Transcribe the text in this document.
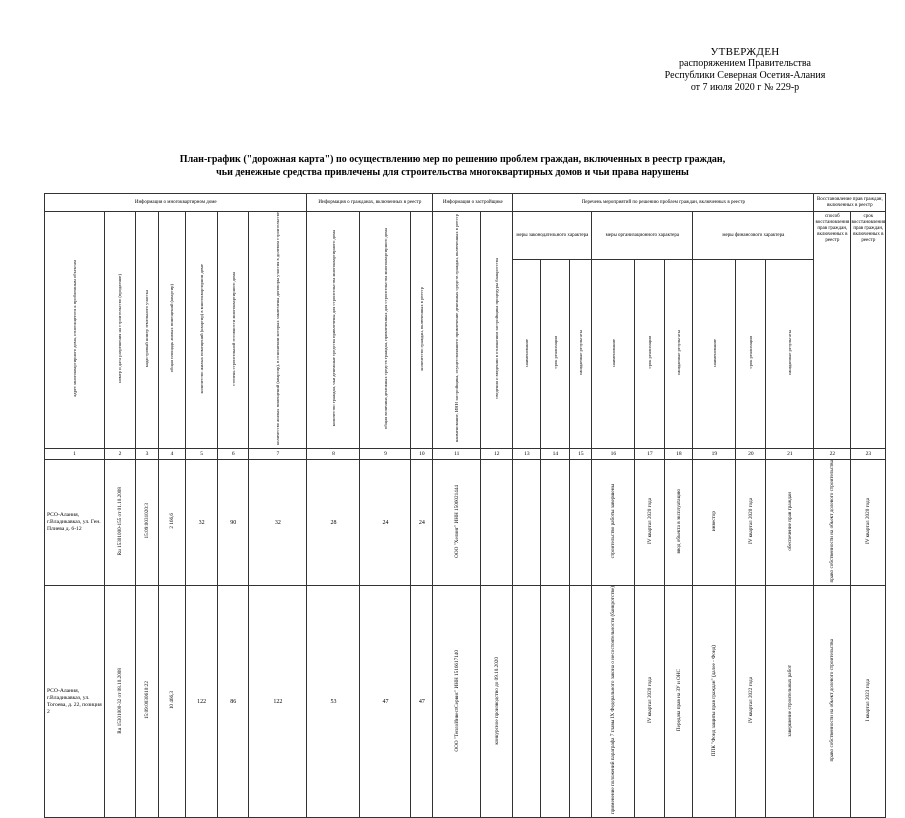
УТВЕРЖДЕН
распоряжением Правительства
Республики Северная Осетия-Алания
от 7 июля 2020 г № 229-р
План-график ("дорожная карта") по осуществлению мер по решению проблем граждан, включенных в реестр граждан,
чьи денежные средства привлечены для строительства многоквартирных домов и чьи права нарушены
Информация о многоквартирном доме							Информация о гражданах, включенных в реестр			Информация о застройщике		Перечень мероприятий по решению проблем граждан, включенных в реестр									Восстановление прав граждан, включенных в реестр	
адрес многоквартирного дома, относящегося к проблемным объектам	номер и дата разрешения на строительство (продление)	кадастровый номер земельного участка	общая площадь жилых помещений (квартир)	количество жилых помещений (квартир) в многоквартирном доме	степень строительной готовности многоквартирного дома	количество жилых помещений (квартир), в отношении которых заключены договоры участия в долевом строительстве	количество граждан, чьи денежные средства привлечены для строительства многоквартирного дома	общая величина денежных средств граждан, привлеченных для строительства многоквартирного дома	количество граждан, включенных в реестр	наименование, ИНН застройщика, осуществлявшего привлечение денежных средств граждан, включенных в реестр	сведения о введении в отношении застройщика процедуры банкротства	меры законодательного характера			меры организационного характера			меры финансового характера			способ восстановления прав граждан, включенных в реестр	срок восстановления прав граждан, включенных в реестр
												наименование	срок реализации	ожидаемые результаты	наименование	срок реализации	ожидаемые результаты	наименование	срок реализации	ожидаемые результаты		
1	2	3	4	5	6	7	8	9	10	11	12	13	14	15	16	17	18	19	20	21	22	23
РСО-Алания, г.Владикавказ, ул. Ген. Плиева д. 6-12	Ru 15301000-155 от 01.10.2008	15:09:0031020:3	2 166,6	32	90	32	28	24	24	ООО "Хелинг" ИНН 1506021444					строительство работы завершены	IV квартал 2020 года	ввод объекта в эксплуатацию	инвестор	IV квартал 2020 года	обеспечение прав граждан	право собственности на объект долевого строительства	IV квартал 2020 года
РСО-Алания, г.Владикавказ, ул. Тогоева, д. 22, позиция 2	Ru 15301000-32 от 08.10.2008	15:09:0030610:22	10 466,3	122	86	122	53	47	47	ООО "ТеплоИнвестСервис" ИНН 1516617140	конкурсное производство до 09.10.2020				применение положений параграфа 7 главы IX Федерального закона о несостоятельности (банкротстве)	IV квартал 2020 года	Передача прав на ЗУ и ОНС	ППК "Фонд защиты прав граждан" (далее - Фонд)	IV квартал 2022 года	завершение строительных работ	право собственности на объект долевого строительства	I квартал 2023 года
